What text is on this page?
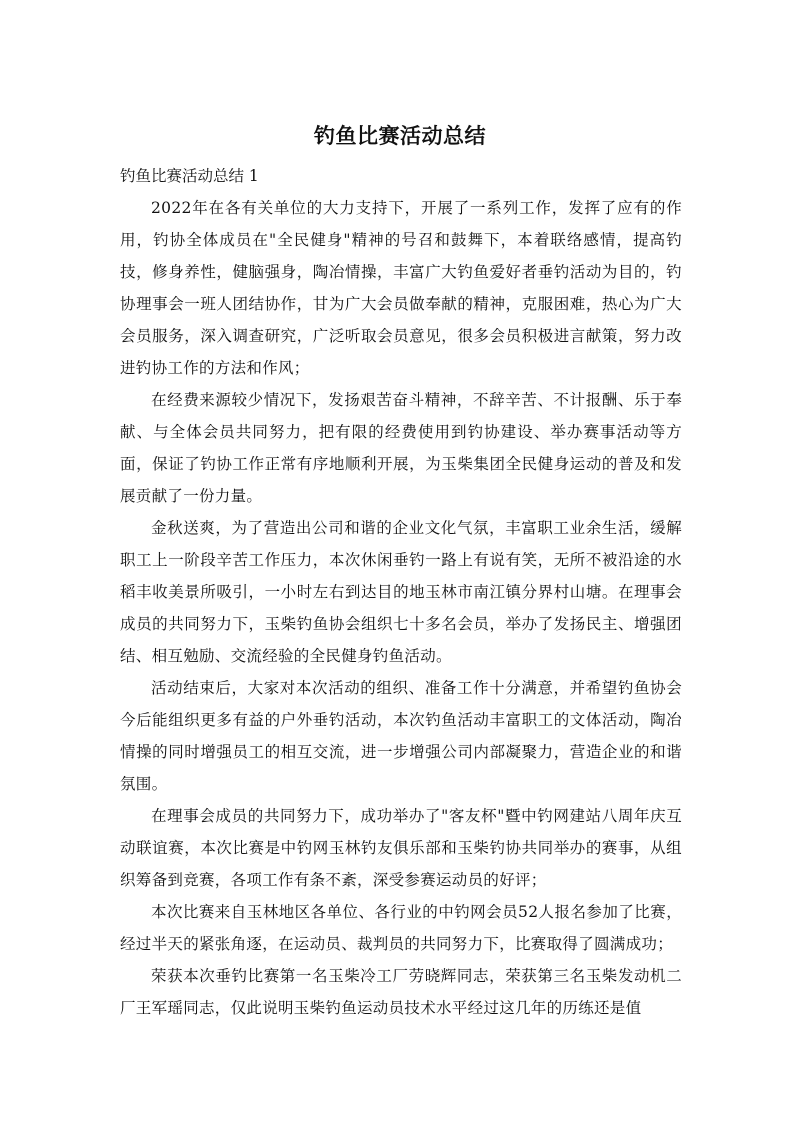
钓鱼比赛活动总结

钓鱼比赛活动总结 1

2022年在各有关单位的大力支持下，开展了一系列工作，发挥了应有的作用，钓协全体成员在"全民健身"精神的号召和鼓舞下，本着联络感情，提高钓技，修身养性，健脑强身，陶冶情操，丰富广大钓鱼爱好者垂钓活动为目的，钓协理事会一班人团结协作，甘为广大会员做奉献的精神，克服困难，热心为广大会员服务，深入调查研究，广泛听取会员意见，很多会员积极进言献策，努力改进钓协工作的方法和作风；

在经费来源较少情况下，发扬艰苦奋斗精神，不辞辛苦、不计报酬、乐于奉献、与全体会员共同努力，把有限的经费使用到钓协建设、举办赛事活动等方面，保证了钓协工作正常有序地顺利开展，为玉柴集团全民健身运动的普及和发展贡献了一份力量。

金秋送爽，为了营造出公司和谐的企业文化气氛，丰富职工业余生活，缓解职工上一阶段辛苦工作压力，本次休闲垂钓一路上有说有笑，无所不被沿途的水稻丰收美景所吸引，一小时左右到达目的地玉林市南江镇分界村山塘。在理事会成员的共同努力下，玉柴钓鱼协会组织七十多名会员，举办了发扬民主、增强团结、相互勉励、交流经验的全民健身钓鱼活动。

活动结束后，大家对本次活动的组织、准备工作十分满意，并希望钓鱼协会今后能组织更多有益的户外垂钓活动，本次钓鱼活动丰富职工的文体活动，陶冶情操的同时增强员工的相互交流，进一步增强公司内部凝聚力，营造企业的和谐氛围。

在理事会成员的共同努力下，成功举办了"客友杯"暨中钓网建站八周年庆互动联谊赛，本次比赛是中钓网玉林钓友俱乐部和玉柴钓协共同举办的赛事，从组织筹备到竞赛，各项工作有条不紊，深受参赛运动员的好评；

本次比赛来自玉林地区各单位、各行业的中钓网会员52人报名参加了比赛，经过半天的紧张角逐，在运动员、裁判员的共同努力下，比赛取得了圆满成功；

荣获本次垂钓比赛第一名玉柴冷工厂劳晓辉同志，荣获第三名玉柴发动机二厂王军瑶同志，仅此说明玉柴钓鱼运动员技术水平经过这几年的历练还是值
